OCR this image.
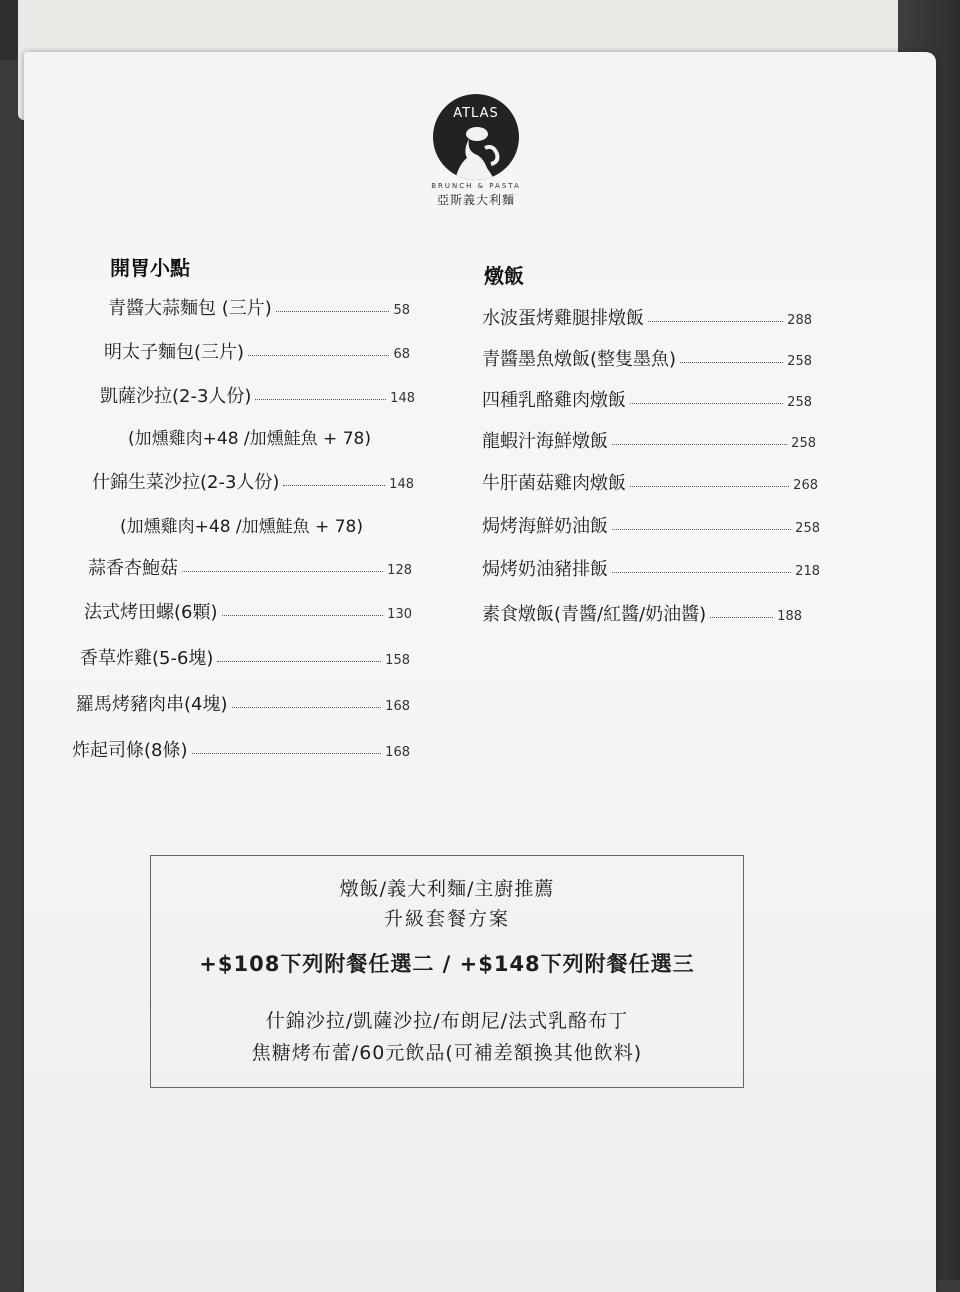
ATLAS
BRUNCH & PASTA
亞斯義大利麵
開胃小點
青醬大蒜麵包 (三片)	58
明太子麵包(三片)	68
凱薩沙拉(2-3人份)	148
(加燻雞肉+48 /加燻鮭魚 + 78)
什錦生菜沙拉(2-3人份)	148
(加燻雞肉+48 /加燻鮭魚 + 78)
蒜香杏鮑菇	128
法式烤田螺(6顆)	130
香草炸雞(5-6塊)	158
羅馬烤豬肉串(4塊)	168
炸起司條(8條)	168
燉飯
水波蛋烤雞腿排燉飯	288
青醬墨魚燉飯(整隻墨魚)	258
四種乳酪雞肉燉飯	258
龍蝦汁海鮮燉飯	258
牛肝菌菇雞肉燉飯	268
焗烤海鮮奶油飯	258
焗烤奶油豬排飯	218
素食燉飯(青醬/紅醬/奶油醬)	188
燉飯/義大利麵/主廚推薦
升級套餐方案
+$108下列附餐任選二 / +$148下列附餐任選三
什錦沙拉/凱薩沙拉/布朗尼/法式乳酪布丁
焦糖烤布蕾/60元飲品(可補差額換其他飲料)
